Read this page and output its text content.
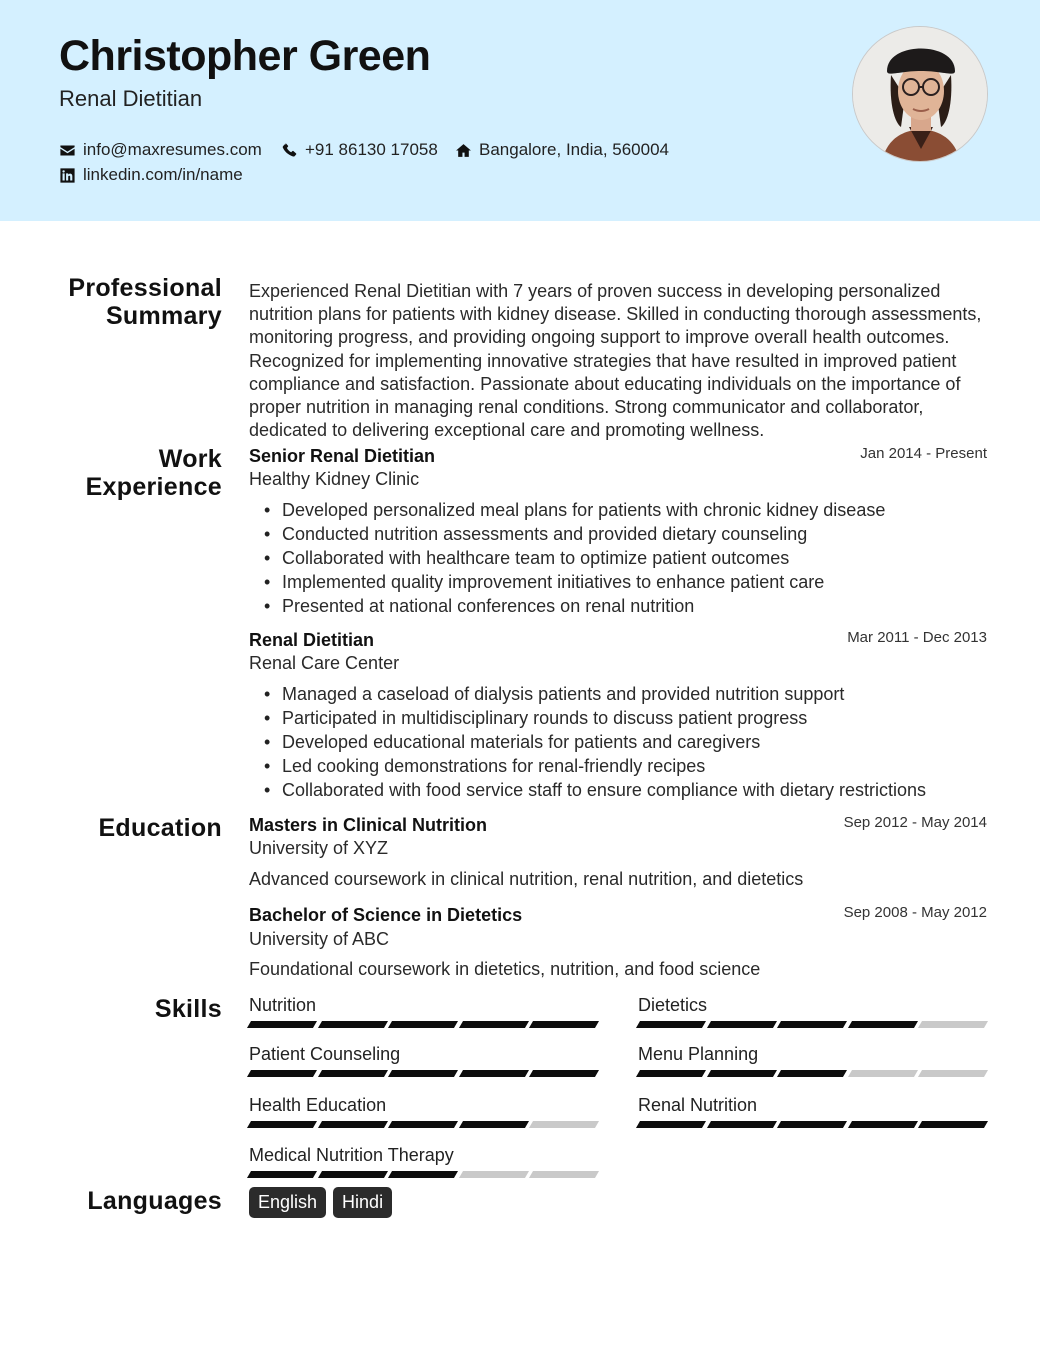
Christopher Green
Renal Dietitian
info@maxresumes.com	+91 86130 17058 Bangalore, India, 560004
linkedin.com/in/name
Professional Summary
Experienced Renal Dietitian with 7 years of proven success in developing personalized nutrition plans for patients with kidney disease. Skilled in conducting thorough assessments, monitoring progress, and providing ongoing support to improve overall health outcomes. Recognized for implementing innovative strategies that have resulted in improved patient compliance and satisfaction. Passionate about educating individuals on the importance of proper nutrition in managing renal conditions. Strong communicator and collaborator, dedicated to delivering exceptional care and promoting wellness.
Work Experience
Senior Renal Dietitian	Jan 2014 - Present
Healthy Kidney Clinic
• Developed personalized meal plans for patients with chronic kidney disease
• Conducted nutrition assessments and provided dietary counseling
• Collaborated with healthcare team to optimize patient outcomes
• Implemented quality improvement initiatives to enhance patient care
• Presented at national conferences on renal nutrition
Renal Dietitian	Mar 2011 - Dec 2013
Renal Care Center
• Managed a caseload of dialysis patients and provided nutrition support
• Participated in multidisciplinary rounds to discuss patient progress
• Developed educational materials for patients and caregivers
• Led cooking demonstrations for renal-friendly recipes
• Collaborated with food service staff to ensure compliance with dietary restrictions
Education Masters in Clinical Nutrition	Sep 2012 - May 2014
University of XYZ
Advanced coursework in clinical nutrition, renal nutrition, and dietetics
Bachelor of Science in Dietetics	Sep 2008 - May 2012
University of ABC
Foundational coursework in dietetics, nutrition, and food science
Skills Nutrition	Dietetics
Patient Counseling	Menu Planning
Health Education	Renal Nutrition
Medical Nutrition Therapy
Languages	English	Hindi
